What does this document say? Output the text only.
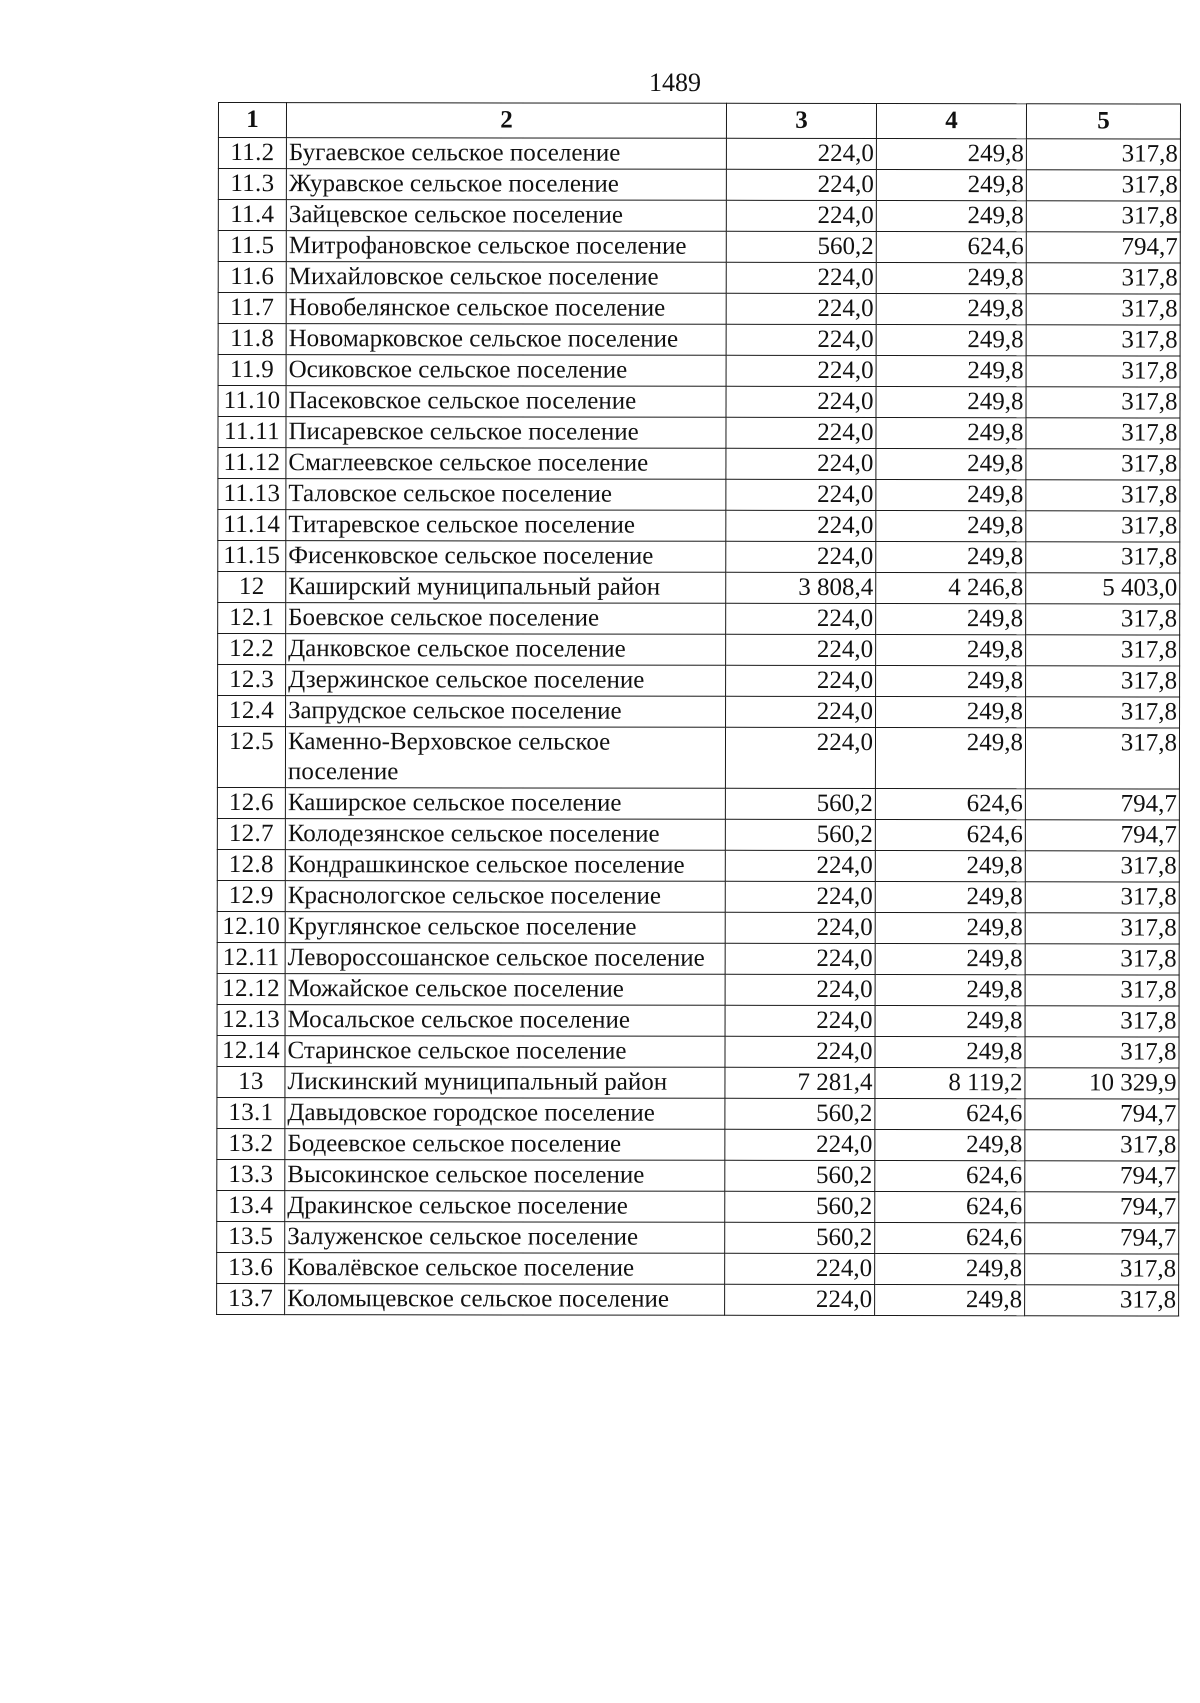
1489
1	2	3	4	5
11.2	Бугаевское сельское поселение	224,0	249,8	317,8
11.3	Журавское сельское поселение	224,0	249,8	317,8
11.4	Зайцевское сельское поселение	224,0	249,8	317,8
11.5	Митрофановское сельское поселение	560,2	624,6	794,7
11.6	Михайловское сельское поселение	224,0	249,8	317,8
11.7	Новобелянское сельское поселение	224,0	249,8	317,8
11.8	Новомарковское сельское поселение	224,0	249,8	317,8
11.9	Осиковское сельское поселение	224,0	249,8	317,8
11.10	Пасековское сельское поселение	224,0	249,8	317,8
11.11	Писаревское сельское поселение	224,0	249,8	317,8
11.12	Смаглеевское сельское поселение	224,0	249,8	317,8
11.13	Таловское сельское поселение	224,0	249,8	317,8
11.14	Титаревское сельское поселение	224,0	249,8	317,8
11.15	Фисенковское сельское поселение	224,0	249,8	317,8
12	Каширский муниципальный район	3 808,4	4 246,8	5 403,0
12.1	Боевское сельское поселение	224,0	249,8	317,8
12.2	Данковское сельское поселение	224,0	249,8	317,8
12.3	Дзержинское сельское поселение	224,0	249,8	317,8
12.4	Запрудское сельское поселение	224,0	249,8	317,8
12.5	Каменно-Верховское сельское поселение	224,0	249,8	317,8
12.6	Каширское сельское поселение	560,2	624,6	794,7
12.7	Колодезянское сельское поселение	560,2	624,6	794,7
12.8	Кондрашкинское сельское поселение	224,0	249,8	317,8
12.9	Краснологское сельское поселение	224,0	249,8	317,8
12.10	Круглянское сельское поселение	224,0	249,8	317,8
12.11	Левороссошанское сельское поселение	224,0	249,8	317,8
12.12	Можайское сельское поселение	224,0	249,8	317,8
12.13	Мосальское сельское поселение	224,0	249,8	317,8
12.14	Старинское сельское поселение	224,0	249,8	317,8
13	Лискинский муниципальный район	7 281,4	8 119,2	10 329,9
13.1	Давыдовское городское поселение	560,2	624,6	794,7
13.2	Бодеевское сельское поселение	224,0	249,8	317,8
13.3	Высокинское сельское поселение	560,2	624,6	794,7
13.4	Дракинское сельское поселение	560,2	624,6	794,7
13.5	Залуженское сельское поселение	560,2	624,6	794,7
13.6	Ковалёвское сельское поселение	224,0	249,8	317,8
13.7	Коломыцевское сельское поселение	224,0	249,8	317,8
